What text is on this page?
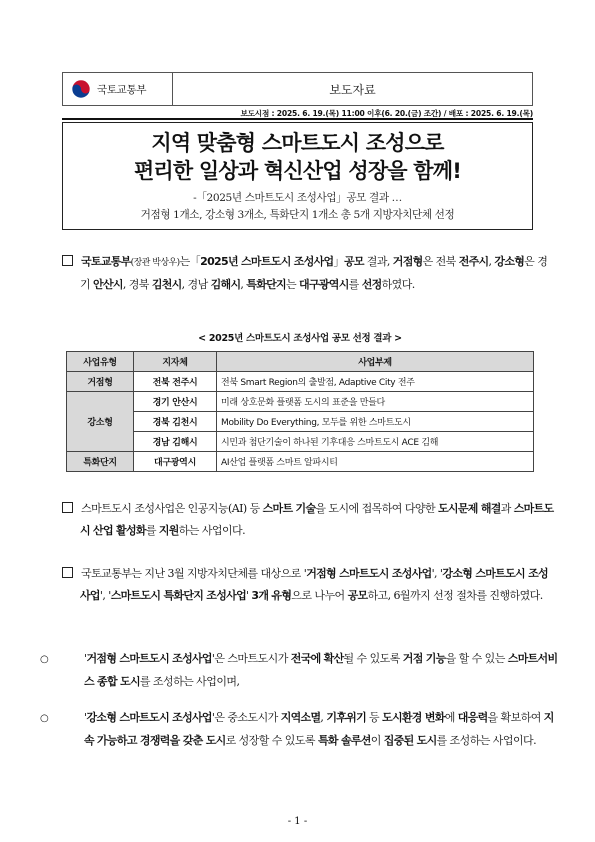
국토교통부	보도자료
보도시점 : 2025. 6. 19.(목) 11:00 이후(6. 20.(금) 조간) / 배포 : 2025. 6. 19.(목)
지역 맞춤형 스마트도시 조성으로
편리한 일상과 혁신산업 성장을 함께!
-「2025년 스마트도시 조성사업」공모 결과 …
거점형 1개소, 강소형 3개소, 특화단지 1개소 총 5개 지방자치단체 선정
국토교통부(장관 박상우)는「2025년 스마트도시 조성사업」공모 결과, 거점형은 전북 전주시, 강소형은 경기 안산시, 경북 김천시, 경남 김해시, 특화단지는 대구광역시를 선정하였다.
< 2025년 스마트도시 조성사업 공모 선정 결과 >
사업유형	지자체	사업부제
거점형	전북 전주시	전북 Smart Region의 출발점, Adaptive City 전주
강소형	경기 안산시	미래 상호문화 플랫폼 도시의 표준을 만들다
	경북 김천시	Mobility Do Everything, 모두를 위한 스마트도시
	경남 김해시	시민과 첨단기술이 하나된 기후대응 스마트도시 ACE 김해
특화단지	대구광역시	AI산업 플랫폼 스마트 알파시티
스마트도시 조성사업은 인공지능(AI) 등 스마트 기술을 도시에 접목하여 다양한 도시문제 해결과 스마트도시 산업 활성화를 지원하는 사업이다.
국토교통부는 지난 3월 지방자치단체를 대상으로 '거점형 스마트도시 조성사업', '강소형 스마트도시 조성사업', '스마트도시 특화단지 조성사업' 3개 유형으로 나누어 공모하고, 6월까지 선정 절차를 진행하였다.
○	'거점형 스마트도시 조성사업'은 스마트도시가 전국에 확산될 수 있도록 거점 기능을 할 수 있는 스마트서비스 종합 도시를 조성하는 사업이며,
○	'강소형 스마트도시 조성사업'은 중소도시가 지역소멸, 기후위기 등 도시환경 변화에 대응력을 확보하여 지속 가능하고 경쟁력을 갖춘 도시로 성장할 수 있도록 특화 솔루션이 집중된 도시를 조성하는 사업이다.
- 1 -
